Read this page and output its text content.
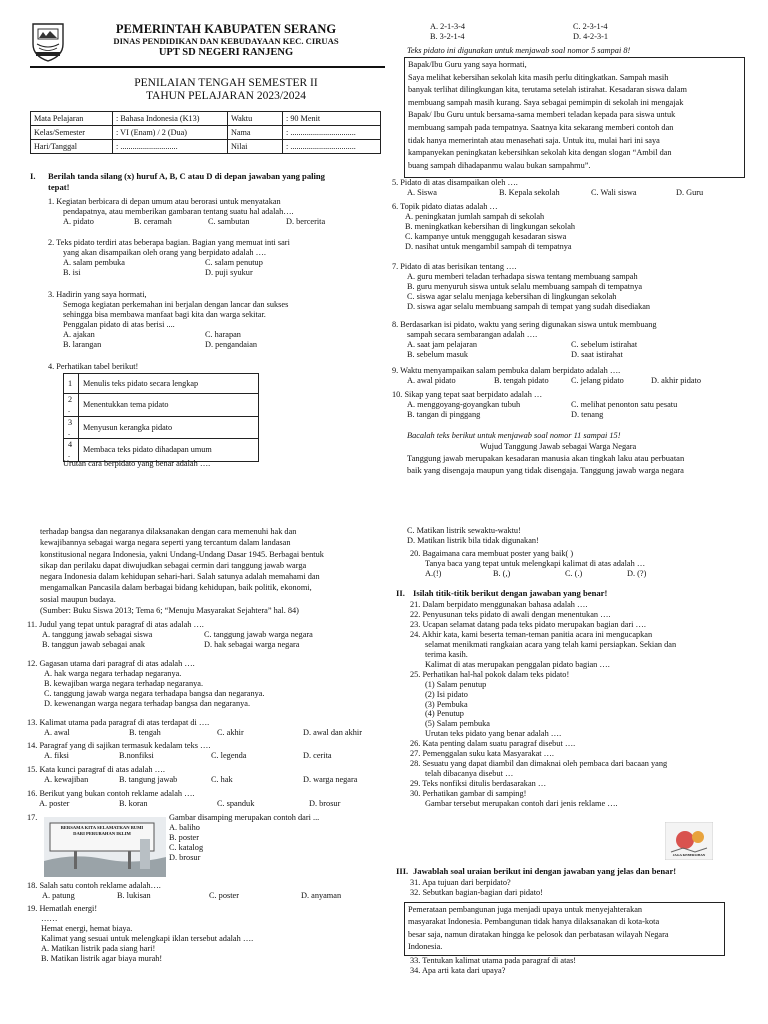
PEMERINTAH KABUPATEN SERANG
DINAS PENDIDIKAN DAN KEBUDAYAAN KEC. CIRUAS
UPT SD NEGERI RANJENG
PENILAIAN TENGAH SEMESTER II
TAHUN PELAJARAN 2023/2024
Mata Pelajaran	: Bahasa Indonesia (K13)	Waktu	: 90 Menit
Kelas/Semester	: VI (Enam) / 2 (Dua)	Nama	: ................................
Hari/Tanggal	: ............................	Nilai	: ................................
I. Berilah tanda silang (x) huruf A, B, C atau D di depan jawaban yang paling
tepat!
1. Kegiatan berbicara di depan umum atau berorasi untuk menyatakan
pendapatnya, atau memberikan gambaran tentang suatu hal adalah….
A. pidato	B. ceramah	C. sambutan	D. bercerita
2. Teks pidato terdiri atas beberapa bagian. Bagian yang memuat inti sari
yang akan disampaikan oleh orang yang berpidato adalah ….
A. salam pembuka	C. salam penutup
B. isi	D. puji syukur
3. Hadirin yang saya hormati,
Semoga kegiatan perkemahan ini berjalan dengan lancar dan sukses
sehingga bisa membawa manfaat bagi kita dan warga sekitar.
Penggalan pidato di atas berisi ....
A. ajakan	C. harapan
B. larangan	D. pengandaian
4. Perhatikan tabel berikut!
1	Menulis teks pidato secara lengkap

2
.	Menentukkan tema pidato

3
.	Menyusun kerangka pidato

4
.	Membaca teks pidato dihadapan umum
Urutan cara berpidato yang benar adalah ….
A. 2-1-3-4	C. 2-3-1-4
B. 3-2-1-4	D. 4-2-3-1
Teks pidato ini digunakan untuk menjawab soal nomor 5 sampai 8!
Bapak/Ibu Guru yang saya hormati,
Saya melihat kebersihan sekolah kita masih perlu ditingkatkan. Sampah masih
banyak terlihat dilingkungan kita, terutama setelah istirahat. Kesadaran siswa dalam
membuang sampah masih kurang. Saya sebagai pemimpin di sekolah ini mengajak
Bapak/ Ibu Guru untuk bersama-sama memberi teladan kepada para siswa untuk
membuang sampah pada tempatnya. Saatnya kita sekarang memberi contoh dan
tidak hanya memerintah atau menasehati saja. Untuk itu, mulai hari ini saya
kampanyekan peningkatan kebersihkan sekolah kita dengan slogan “Ambil dan
buang sampah dihadapanmu walau bukan sampahmu”.
5. Pidato di atas disampaikan oleh ….
A. Siswa	B. Kepala sekolah	C. Wali siswa	D. Guru
6. Topik pidato diatas adalah …
A. peningkatan jumlah sampah di sekolah
B. meningkatkan kebersihan di lingkungan sekolah
C. kampanye untuk menggugah kesadaran siswa
D. nasihat untuk mengambil sampah di tempatnya
7. Pidato di atas berisikan tentang ….
A. guru memberi teladan terhadapa siswa tentang membuang sampah
B. guru menyuruh siswa untuk selalu membuang sampah di tempatnya
C. siswa agar selalu menjaga kebersihan di lingkungan sekolah
D. siswa agar selalu membuang sampah di tempat yang sudah disediakan
8. Berdasarkan isi pidato, waktu yang sering digunakan siswa untuk membuang
sampah secara sembarangan adalah ….
A. saat jam pelajaran	C. sebelum istirahat
B. sebelum masuk	D. saat istirahat
9. Waktu menyampaikan salam pembuka dalam berpidato adalah ….
A. awal pidato	B. tengah pidato	C. jelang pidato	D. akhir pidato
10. Sikap yang tepat saat berpidato adalah …
A. menggoyang-goyangkan tubuh	C. melihat penonton satu pesatu
B. tangan di pinggang	D. tenang
Bacalah teks berikut untuk menjawab soal nomor 11 sampai 15!
Wujud Tanggung Jawab sebagai Warga Negara
Tanggung jawab merupakan kesadaran manusia akan tingkah laku atau perbuatan
baik yang disengaja maupun yang tidak disengaja. Tanggung jawab warga negara
terhadap bangsa dan negaranya dilaksanakan dengan cara memenuhi hak dan
kewajibannya sebagai warga negara seperti yang tercantum dalam landasan
konstitusional negara Indonesia, yakni Undang-Undang Dasar 1945. Berbagai bentuk
sikap dan perilaku dapat diwujudkan sebagai cermin dari tanggung jawab warga
negara Indonesia dalam kehidupan sehari-hari. Salah satunya adalah memahami dan
mengamalkan Pancasila dalam berbagai bidang kehidupan, baik politik, ekonomi,
sosial maupun budaya.
(Sumber: Buku Siswa 2013; Tema 6; “Menuju Masyarakat Sejahtera” hal. 84)
11. Judul yang tepat untuk paragraf di atas adalah ….
A. tanggung jawab sebagai siswa	C. tanggung jawab warga negara
B. tanggun jawab sebagai anak	D. hak sebagai warga negara
12. Gagasan utama dari paragraf di atas adalah ….
A. hak warga negara terhadap negaranya.
B. kewajiban warga negara terhadap negaranya.
C. tanggung jawab warga negara terhadapa bangsa dan negaranya.
D. kewenangan warga negara terhadap bangsa dan negaranya.
13. Kalimat utama pada paragraf di atas terdapat di ….
A. awal	B. tengah	C. akhir	D. awal dan akhir
14. Paragraf yang di sajikan termasuk kedalam teks ….
A. fiksi	B.nonfiksi	C. legenda	D. cerita
15. Kata kunci paragraf di atas adalah ….
A. kewajiban	B. tangung jawab	C. hak	D. warga negara
16. Berikut yang bukan contoh reklame adalah ….
A. poster	B. koran	C. spanduk	D. brosur
17.
BERSAMA KITA SELAMATKAN BUMI
DARI PERUBAHAN IKLIM
Gambar disamping merupakan contoh dari ...
A. baliho
B. poster
C. katalog
D. brosur
18. Salah satu contoh reklame adalah….
A. patung	B. lukisan	C. poster	D. anyaman
19. Hematlah energi!
……
Hemat energi, hemat biaya.
Kalimat yang sesuai untuk melengkapi iklan tersebut adalah ….
A. Matikan listrik pada siang hari!
B. Matikan listrik agar biaya murah!
C. Matikan listrik sewaktu-waktu!
D. Matikan listrik bila tidak digunakan!
20. Bagaimana cara membuat poster yang baik( )
Tanya baca yang tepat untuk melengkapi kalimat di atas adalah …
A.(!)	B. (,)	C. (.)	D. (?)
II. Isilah titik-titik berikut dengan jawaban yang benar!
21. Dalam berpidato menggunakan bahasa adalah ….
22. Penyusunan teks pidato di awali dengan menentukan ….
23. Ucapan selamat datang pada teks pidato merupakan bagian dari ….
24. Akhir kata, kami beserta teman-teman panitia acara ini mengucapkan
selamat menikmati rangkaian acara yang telah kami persiapkan. Sekian dan
terima kasih.
Kalimat di atas merupakan penggalan pidato bagian ….
25. Perhatikan hal-hal pokok dalam teks pidato!
(1) Salam penutup
(2) Isi pidato
(3) Pembuka
(4) Penutup
(5) Salam pembuka
Urutan teks pidato yang benar adalah ….
26. Kata penting dalam suatu paragraf disebut ….
27. Pemenggalan suku kata Masyarakat ….
28. Sesuatu yang dapat diambil dan dimaknai oleh pembaca dari bacaan yang
telah dibacanya disebut …
29. Teks nonfiksi ditulis berdasarakan …
30. Perhatikan gambar di samping!
Gambar tersebut merupakan contoh dari jenis reklame ….
JAGA KEBERSIHAN
III. Jawablah soal uraian berikut ini dengan jawaban yang jelas dan benar!
31. Apa tujuan dari berpidato?
32. Sebutkan bagian-bagian dari pidato!
Pemerataan pembangunan juga menjadi upaya untuk menyejahterakan
masyarakat Indonesia. Pembangunan tidak hanya dilaksanakan di kota-kota
besar saja, namun diratakan hingga ke pelosok dan perbatasan wilayah Negara
Indonesia.
33. Tentukan kalimat utama pada paragraf di atas!
34. Apa arti kata dari upaya?
